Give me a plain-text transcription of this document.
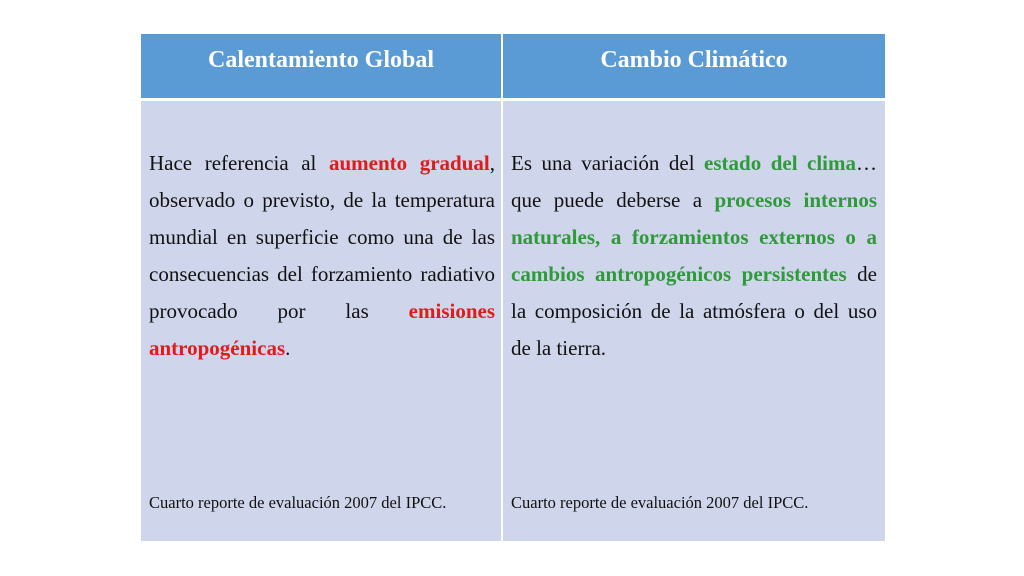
Calentamiento Global	Cambio Climático
Hace referencia al aumento gradual, observado o previsto, de la temperatura mundial en superficie como una de las consecuencias del forzamiento radiativo provocado por las emisiones antropogénicas.
Cuarto reporte de evaluación 2007 del IPCC.
Es una variación del estado del clima…que puede deberse a procesos internos naturales, a forzamientos externos o a cambios antropogénicos persistentes de la composición de la atmósfera o del uso de la tierra.
Cuarto reporte de evaluación 2007 del IPCC.
